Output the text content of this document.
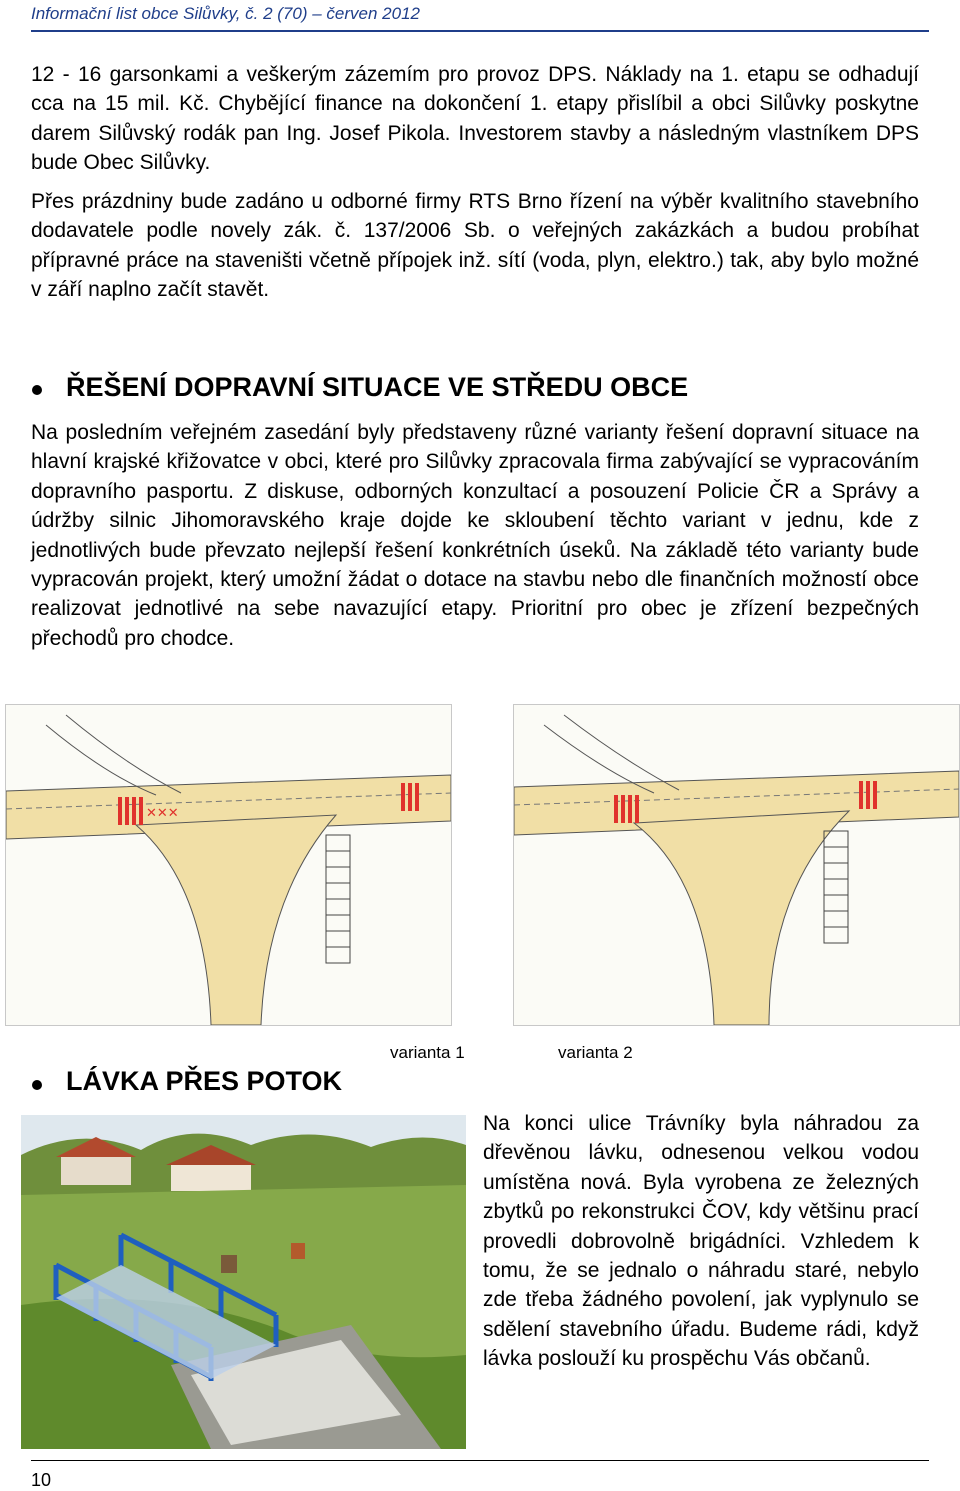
Informační list obce Silůvky, č. 2 (70) – červen 2012

12 - 16 garsonkami a veškerým zázemím pro provoz DPS. Náklady na 1. etapu se odhadují cca na 15 mil. Kč. Chybějící finance na dokončení 1. etapy přislíbil a obci Silůvky poskytne darem Silůvský rodák pan Ing. Josef Pikola. Investorem stavby a následným vlastníkem DPS bude Obec Silůvky.

Přes prázdniny bude zadáno u odborné firmy RTS Brno řízení na výběr kvalitního stavebního dodavatele podle novely zák. č. 137/2006 Sb. o veřejných zakázkách a budou probíhat přípravné práce na staveništi včetně přípojek inž. sítí (voda, plyn, elektro.) tak, aby bylo možné v září naplno začít stavět.

ŘEŠENÍ DOPRAVNÍ SITUACE VE STŘEDU OBCE

Na posledním veřejném zasedání byly představeny různé varianty řešení dopravní situace na hlavní krajské křižovatce v obci, které pro Silůvky zpracovala firma zabývající se vypracováním dopravního pasportu. Z diskuse, odborných konzultací a posouzení Policie ČR a Správy a údržby silnic Jihomoravského kraje dojde ke skloubení těchto variant v jednu, kde z jednotlivých bude převzato nejlepší řešení konkrétních úseků. Na základě této varianty bude vypracován projekt, který umožní žádat o dotace na stavbu nebo dle finančních možností obce realizovat jednotlivé na sebe navazující etapy. Prioritní pro obec je zřízení bezpečných přechodů pro chodce.

✕✕✕
varianta 1	varianta 2
LÁVKA PŘES POTOK

Na konci ulice Trávníky byla náhradou za dřevěnou lávku, odnesenou velkou vodou umístěna nová. Byla vyrobena ze železných zbytků po rekonstrukci ČOV, kdy většinu prací provedli dobrovolně brigádníci. Vzhledem k tomu, že se jednalo o náhradu staré, nebylo zde třeba žádného povolení, jak vyplynulo se sdělení stavebního úřadu. Budeme rádi, když lávka poslouží ku prospěchu Vás občanů.

10
